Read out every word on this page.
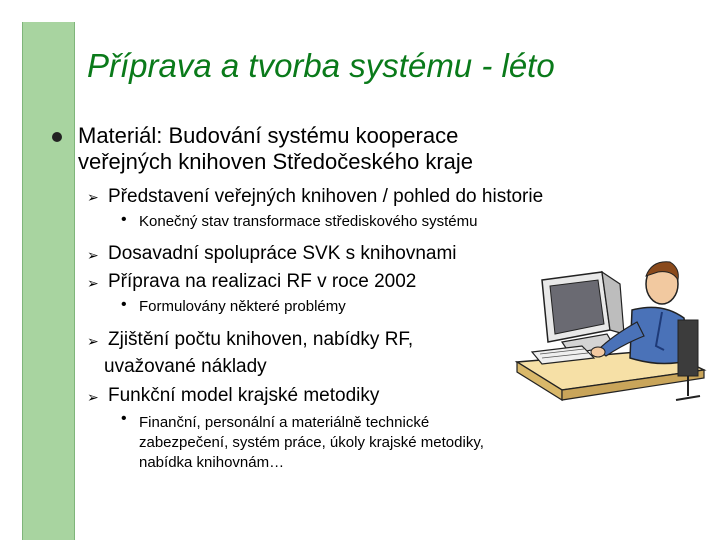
Příprava a tvorba systému - léto
Materiál: Budování systému kooperace
veřejných knihoven Středočeského kraje
➢ Představení veřejných knihoven / pohled do historie
• Konečný stav transformace střediskového systému
➢ Dosavadní spolupráce SVK s knihovnami
➢ Příprava na realizaci RF v roce 2002
• Formulovány některé problémy
➢ Zjištění počtu knihoven, nabídky RF,
uvažované náklady
➢ Funkční model krajské metodiky
• Finanční, personální a materiálně technické
zabezpečení, systém práce, úkoly krajské metodiky,
nabídka knihovnám…
